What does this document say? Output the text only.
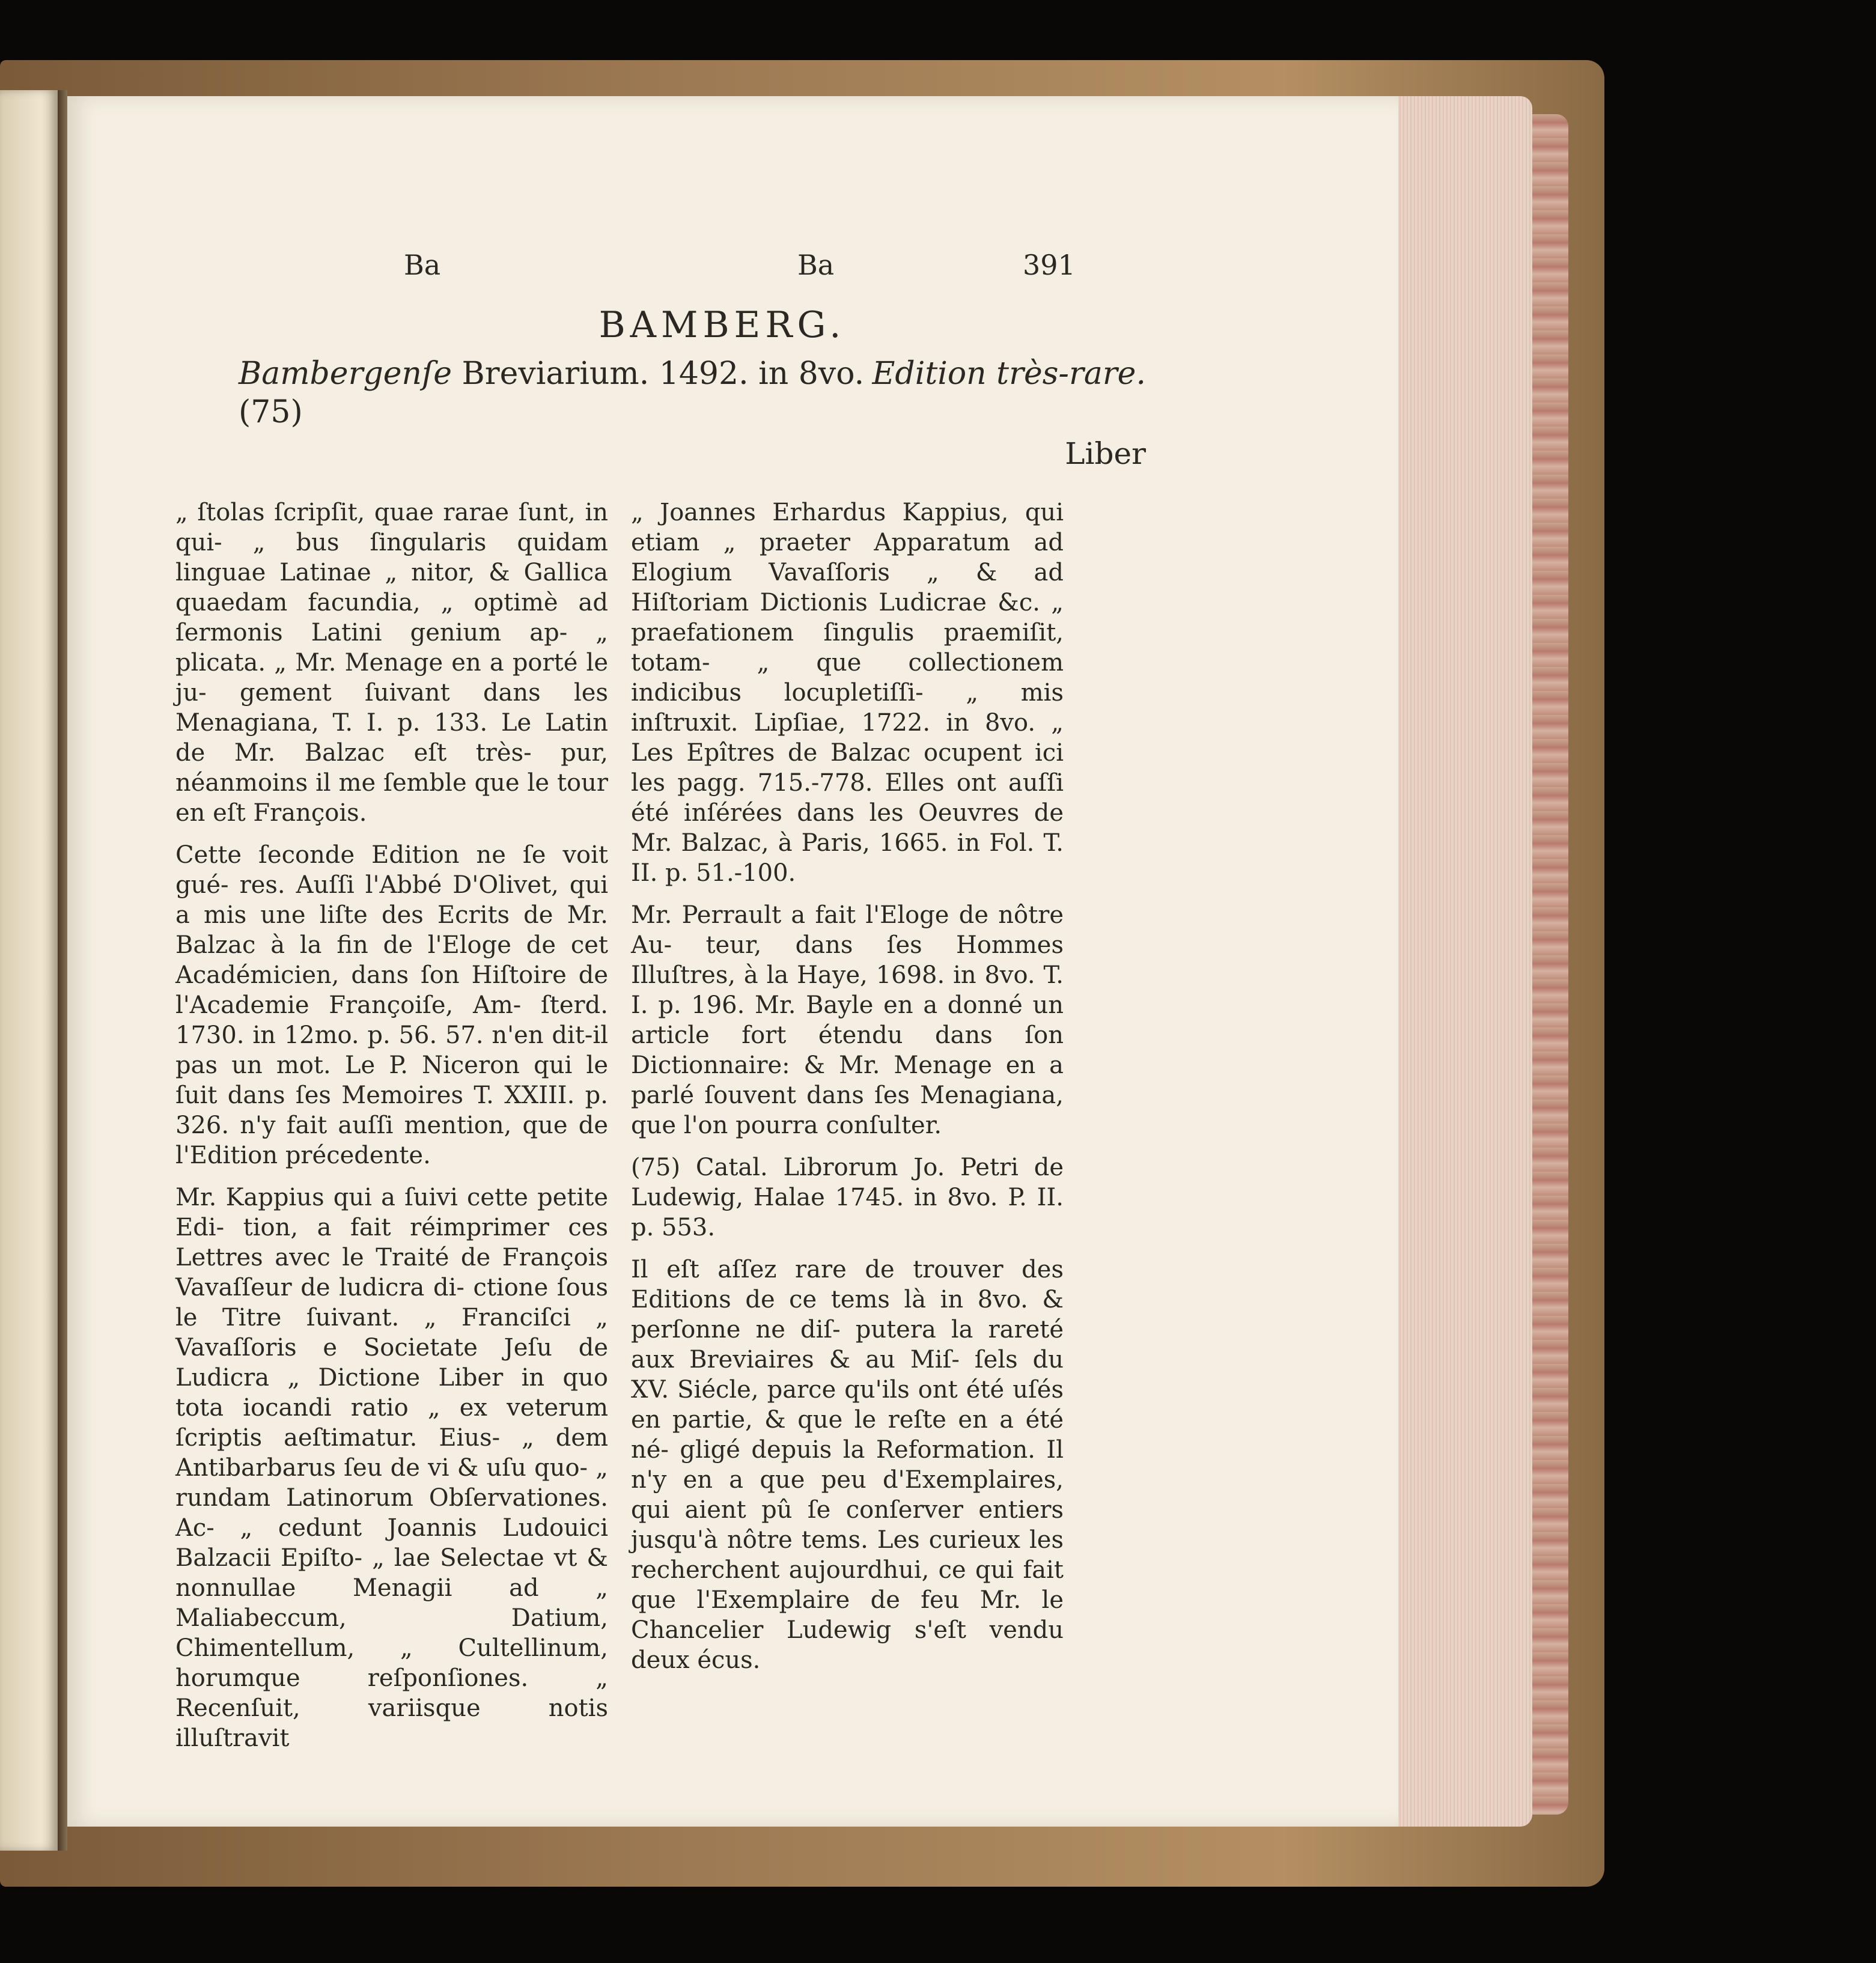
Ba	Ba	391
BAMBERG.
Bambergenſe Breviarium. 1492. in 8vo. Edition très-rare.

(75)
Liber

„ ſtolas ſcripſit, quae rarae ſunt, in qui- „ bus ſingularis quidam linguae Latinae „ nitor, & Gallica quaedam facundia, „ optimè ad ſermonis Latini genium ap- „ plicata. „ Mr. Menage en a porté le ju- gement ſuivant dans les Menagiana, T. I. p. 133. Le Latin de Mr. Balzac eſt très- pur, néanmoins il me ſemble que le tour en eſt François.

Cette ſeconde Edition ne ſe voit gué- res. Auſſi l'Abbé D'Olivet, qui a mis une liſte des Ecrits de Mr. Balzac à la fin de l'Eloge de cet Académicien, dans ſon Hiſtoire de l'Academie Françoiſe, Am- ſterd. 1730. in 12mo. p. 56. 57. n'en dit-il pas un mot. Le P. Niceron qui le ſuit dans ſes Memoires T. XXIII. p. 326. n'y fait auſſi mention, que de l'Edition précedente.

Mr. Kappius qui a ſuivi cette petite Edi- tion, a fait réimprimer ces Lettres avec le Traité de François Vavaſſeur de ludicra di- ctione ſous le Titre ſuivant. „ Franciſci „ Vavaſſoris e Societate Jeſu de Ludicra „ Dictione Liber in quo tota iocandi ratio „ ex veterum ſcriptis aeſtimatur. Eius- „ dem Antibarbarus ſeu de vi & uſu quo- „ rundam Latinorum Obſervationes. Ac- „ cedunt Joannis Ludouici Balzacii Epiſto- „ lae Selectae vt & nonnullae Menagii ad „ Maliabeccum, Datium, Chimentellum, „ Cultellinum, horumque reſponſiones. „ Recenſuit, variisque notis illuſtravit

„ Joannes Erhardus Kappius, qui etiam „ praeter Apparatum ad Elogium Vavaſſoris „ & ad Hiſtoriam Dictionis Ludicrae &c. „ praefationem ſingulis praemiſit, totam- „ que collectionem indicibus locupletiſſi- „ mis inſtruxit. Lipſiae, 1722. in 8vo. „ Les Epîtres de Balzac ocupent ici les pagg. 715.-778. Elles ont auſſi été inſérées dans les Oeuvres de Mr. Balzac, à Paris, 1665. in Fol. T. II. p. 51.-100.

Mr. Perrault a fait l'Eloge de nôtre Au- teur, dans ſes Hommes Illuſtres, à la Haye, 1698. in 8vo. T. I. p. 196. Mr. Bayle en a donné un article fort étendu dans ſon Dictionnaire: & Mr. Menage en a parlé ſouvent dans ſes Menagiana, que l'on pourra conſulter.

(75) Catal. Librorum Jo. Petri de Ludewig, Halae 1745. in 8vo. P. II. p. 553.

Il eſt aſſez rare de trouver des Editions de ce tems là in 8vo. & perſonne ne diſ- putera la rareté aux Breviaires & au Miſ- ſels du XV. Siécle, parce qu'ils ont été uſés en partie, & que le reſte en a été né- gligé depuis la Reformation. Il n'y en a que peu d'Exemplaires, qui aient pû ſe conſerver entiers jusqu'à nôtre tems. Les curieux les recherchent aujourdhui, ce qui fait que l'Exemplaire de feu Mr. le Chancelier Ludewig s'eſt vendu deux écus.
